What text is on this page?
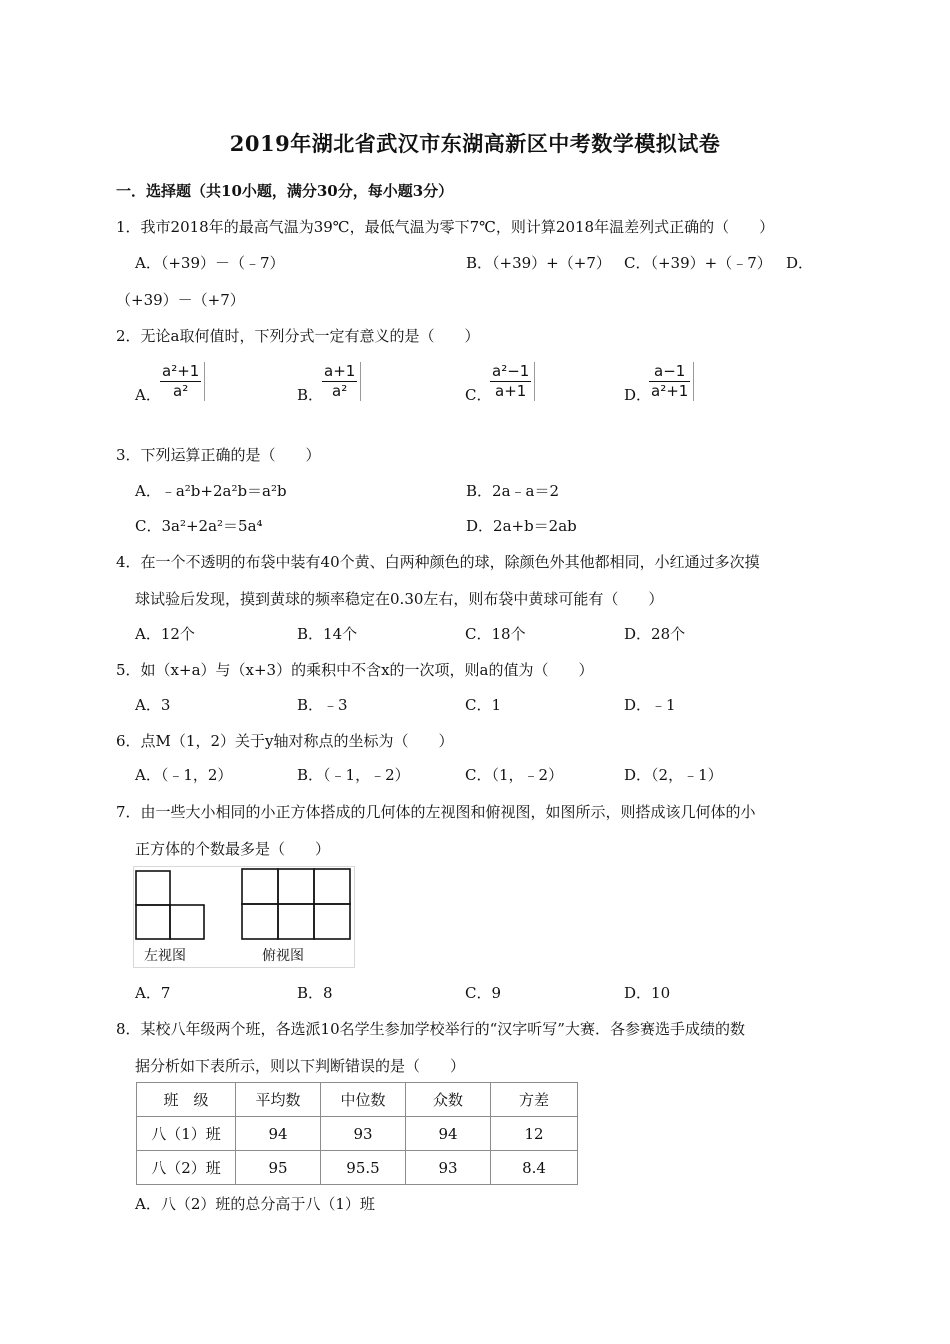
2019年湖北省武汉市东湖高新区中考数学模拟试卷
一．选择题（共10小题，满分30分，每小题3分）
1．我市2018年的最高气温为39℃，最低气温为零下7℃，则计算2018年温差列式正确的（　　）
A．（+39）－（﹣7）	B．（+39）+（+7） C．（+39）+（﹣7） D．
（+39）－（+7）
2．无论a取何值时，下列分式一定有意义的是（　　）
A． $\frac{\text{a²+1}}{\text{a²}}$	B．
$\frac{a+1}{\text{a²}}$	C．
$\frac{\text{a²−1}}{a+1}$	D．
$\frac{a-1}{\text{a²+1}}$
3．下列运算正确的是（　　）
A．﹣a²b+2a²b＝a²b	B．2a﹣a＝2
C．3a²+2a²＝5a⁴	D．2a+b＝2ab
4．在一个不透明的布袋中装有40个黄、白两种颜色的球，除颜色外其他都相同，小红通过多次摸
球试验后发现，摸到黄球的频率稳定在0.30左右，则布袋中黄球可能有（　　）
A．12个	B．14个	C．18个	D．28个
5．如（x+a）与（x+3）的乘积中不含x的一次项，则a的值为（　　）
A．3	B．﹣3	C．1	D．﹣1
6．点M（1，2）关于y轴对称点的坐标为（　　）
A．（﹣1，2）	B．（﹣1，﹣2）	C．（1，﹣2）	D．（2，﹣1）
7．由一些大小相同的小正方体搭成的几何体的左视图和俯视图，如图所示，则搭成该几何体的小
正方体的个数最多是（　　）
左视图	俯视图
A．7	B．8	C．9	D．10
8．某校八年级两个班，各选派10名学生参加学校举行的“汉字听写”大赛．各参赛选手成绩的数
据分析如下表所示，则以下判断错误的是（　　）
班　级	平均数	中位数	众数	方差
八（1）班	94	93	94	12
八（2）班	95	95.5	93	8.4
A．八（2）班的总分高于八（1）班
